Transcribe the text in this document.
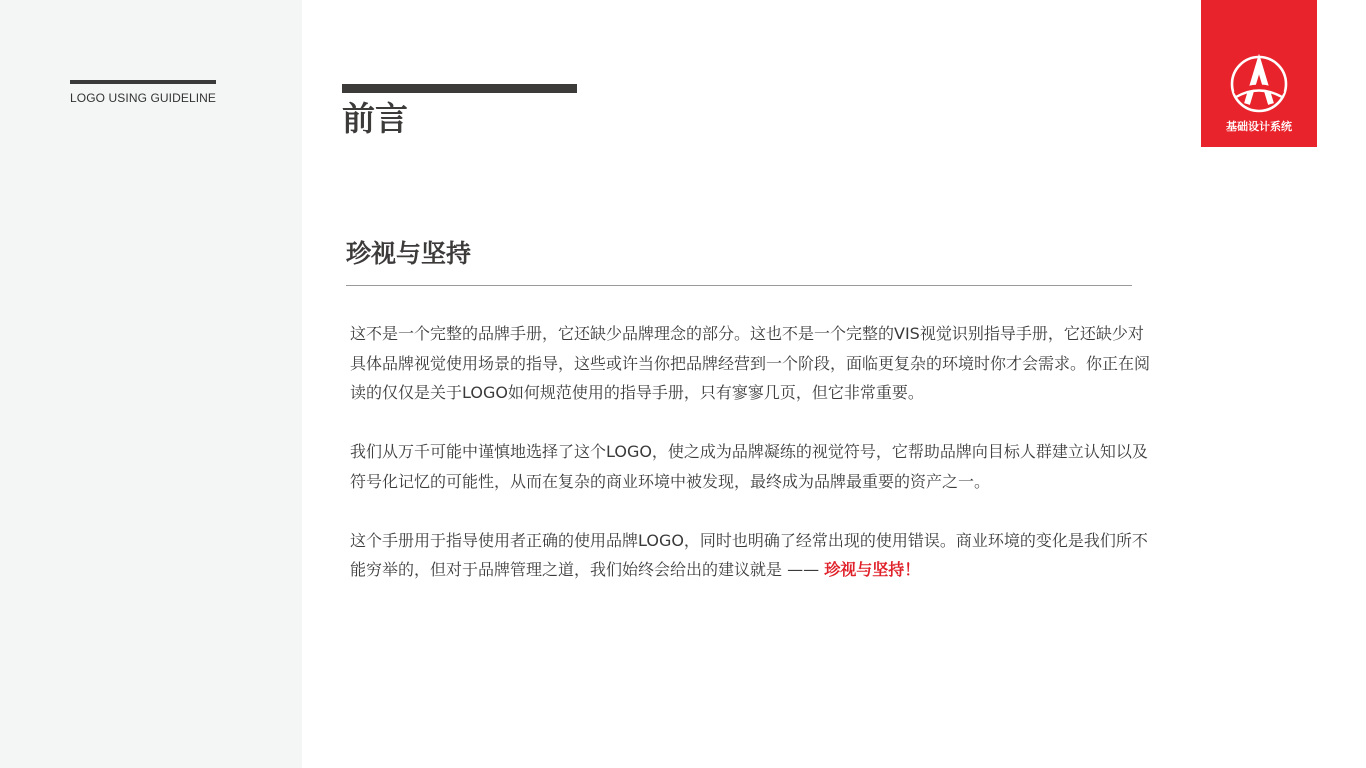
LOGO USING GUIDELINE
前言
珍视与坚持

这不是一个完整的品牌手册，它还缺少品牌理念的部分。这也不是一个完整的VIS视觉识别指导手册，它还缺少对具体品牌视觉使用场景的指导，这些或许当你把品牌经营到一个阶段，面临更复杂的环境时你才会需求。你正在阅读的仅仅是关于LOGO如何规范使用的指导手册，只有寥寥几页，但它非常重要。

我们从万千可能中谨慎地选择了这个LOGO，使之成为品牌凝练的视觉符号，它帮助品牌向目标人群建立认知以及符号化记忆的可能性，从而在复杂的商业环境中被发现，最终成为品牌最重要的资产之一。

这个手册用于指导使用者正确的使用品牌LOGO，同时也明确了经常出现的使用错误。商业环境的变化是我们所不能穷举的，但对于品牌管理之道，我们始终会给出的建议就是 —— 珍视与坚持！

基础设计系统
